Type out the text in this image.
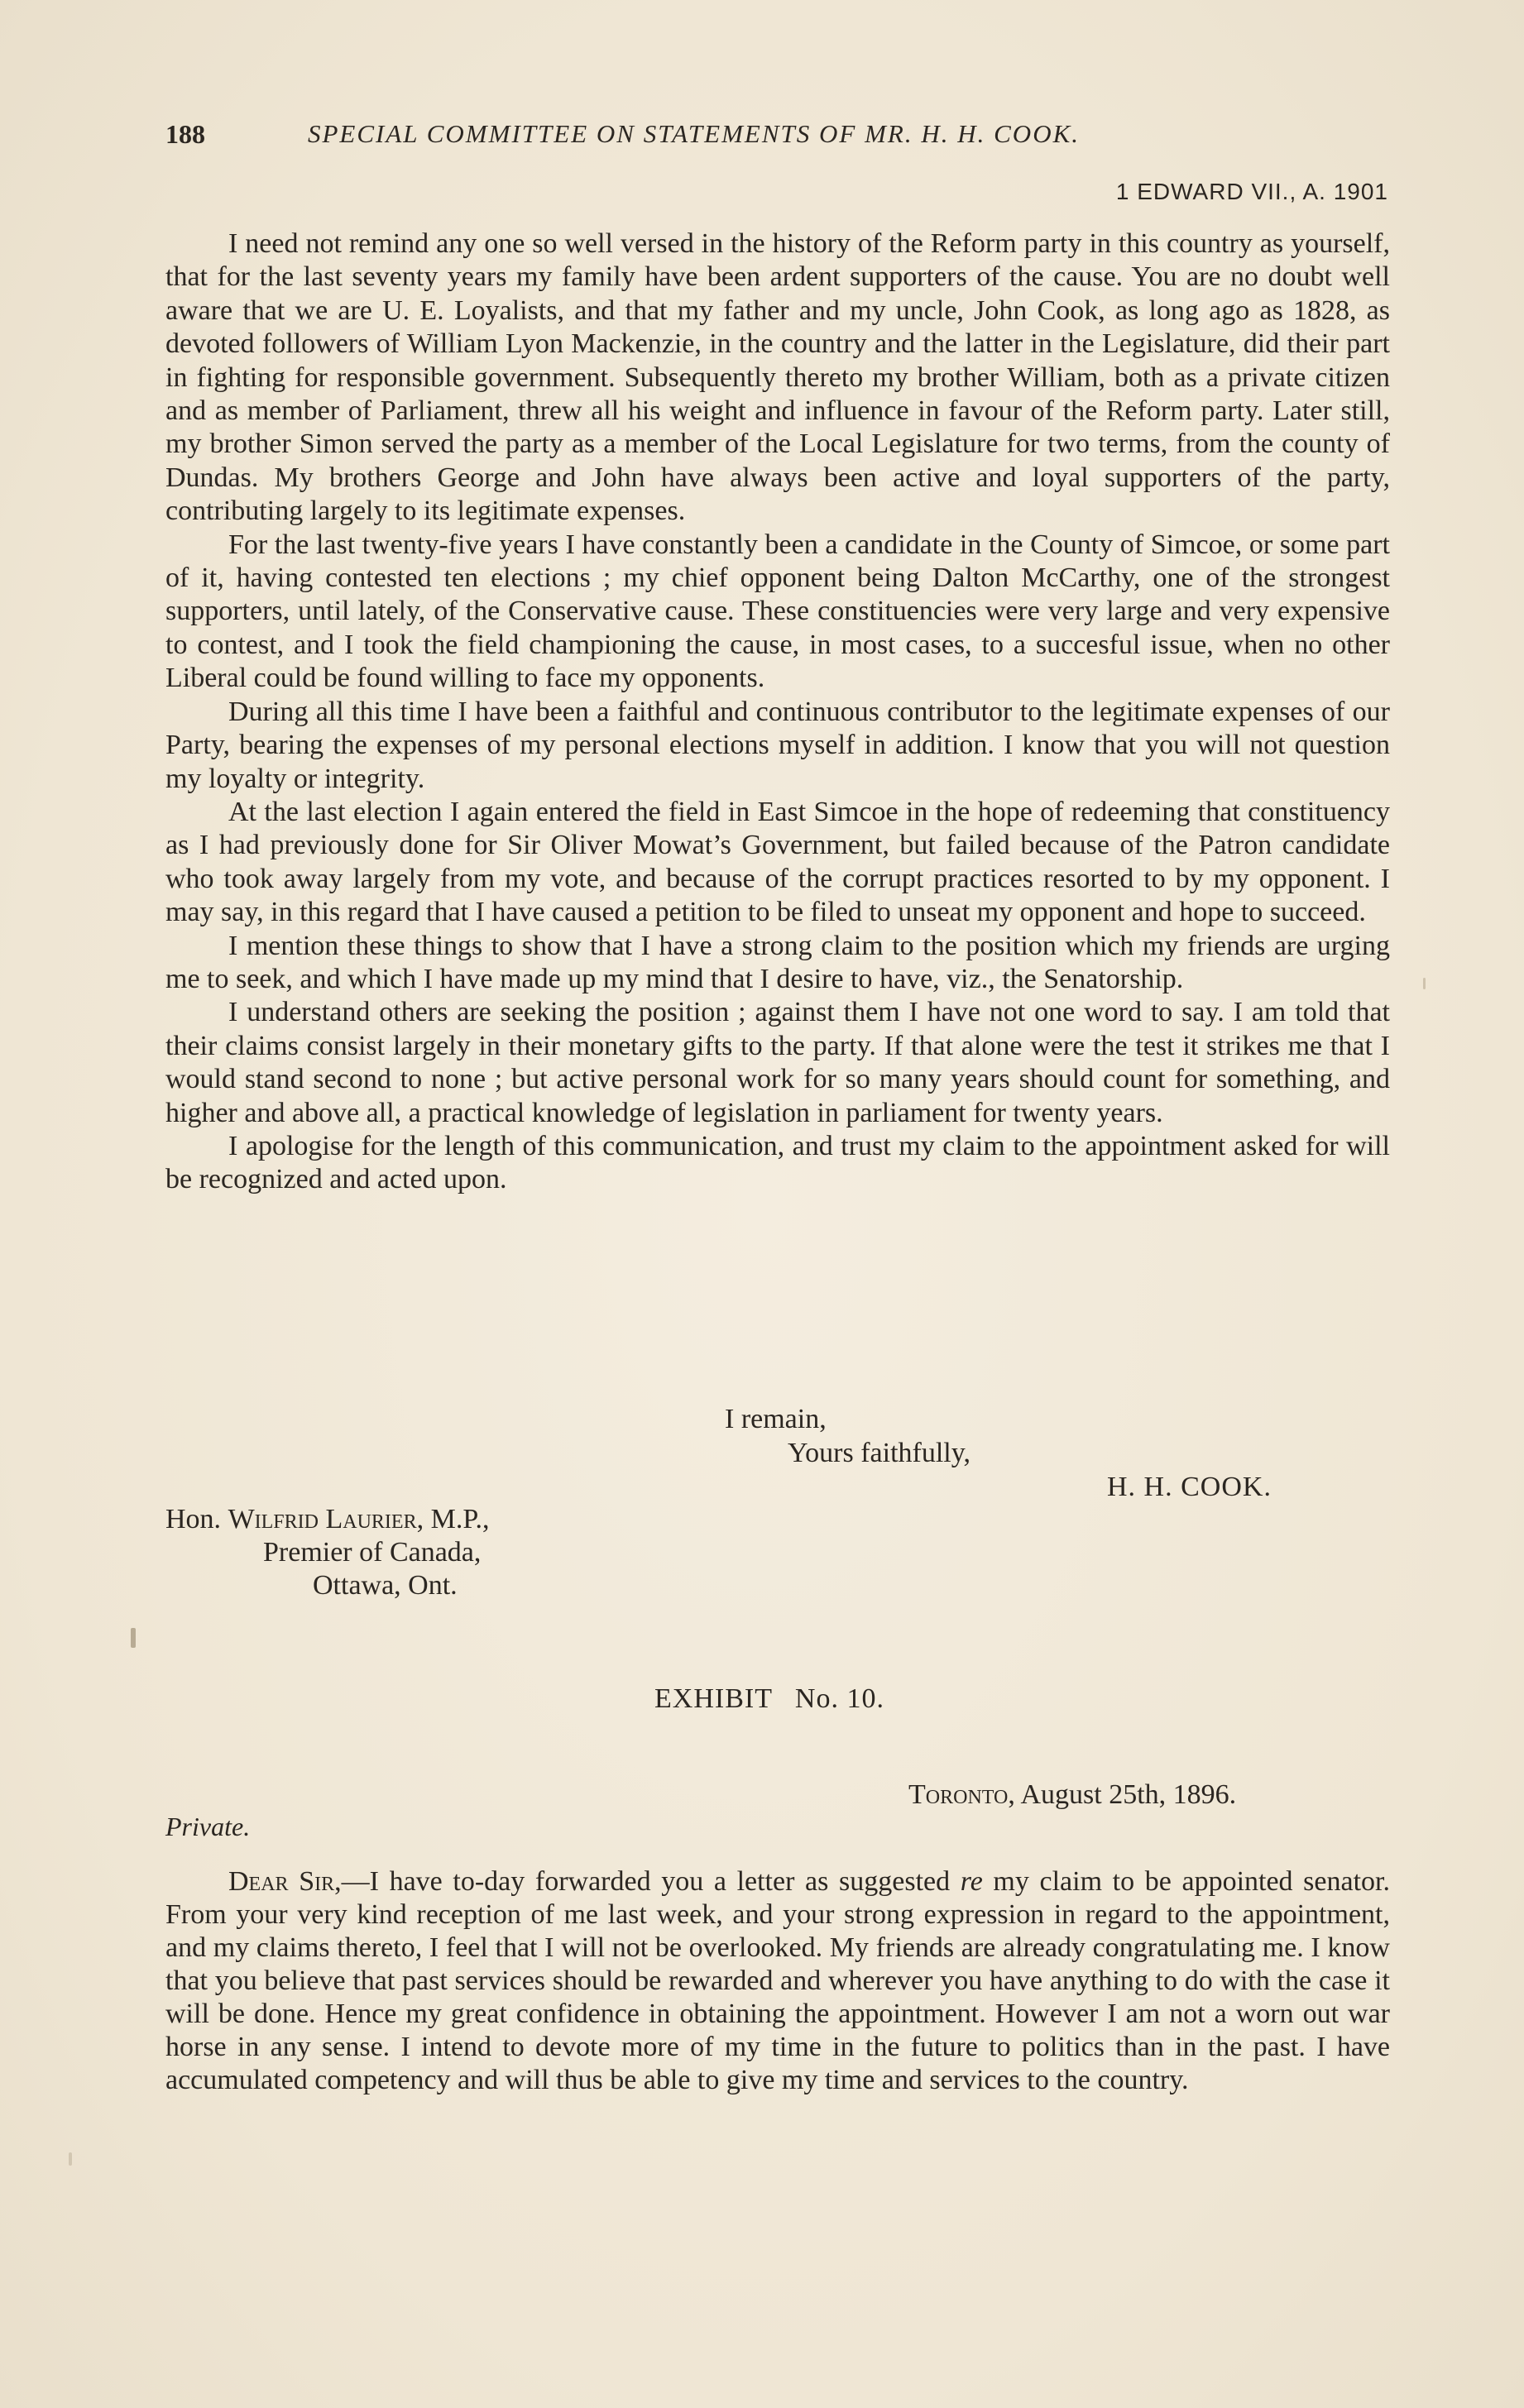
188	SPECIAL COMMITTEE ON STATEMENTS OF MR. H. H. COOK.
1 EDWARD VII., A. 1901

I need not remind any one so well versed in the history of the Reform party in this country as yourself, that for the last seventy years my family have been ardent supporters of the cause. You are no doubt well aware that we are U. E. Loyalists, and that my father and my uncle, John Cook, as long ago as 1828, as devoted followers of William Lyon Mackenzie, in the country and the latter in the Legislature, did their part in fighting for responsible government. Subsequently thereto my brother William, both as a private citizen and as member of Parliament, threw all his weight and influence in favour of the Reform party. Later still, my brother Simon served the party as a member of the Local Legislature for two terms, from the county of Dundas. My brothers George and John have always been active and loyal supporters of the party, contributing largely to its legitimate expenses.

For the last twenty-five years I have constantly been a candidate in the County of Simcoe, or some part of it, having contested ten elections ; my chief opponent being Dalton McCarthy, one of the strongest supporters, until lately, of the Conservative cause. These constituencies were very large and very expensive to contest, and I took the field championing the cause, in most cases, to a succesful issue, when no other Liberal could be found willing to face my opponents.

During all this time I have been a faithful and continuous contributor to the legitimate expenses of our Party, bearing the expenses of my personal elections myself in addition. I know that you will not question my loyalty or integrity.

At the last election I again entered the field in East Simcoe in the hope of redeeming that constituency as I had previously done for Sir Oliver Mowat’s Government, but failed because of the Patron candidate who took away largely from my vote, and because of the corrupt practices resorted to by my opponent. I may say, in this regard that I have caused a petition to be filed to unseat my opponent and hope to succeed.

I mention these things to show that I have a strong claim to the position which my friends are urging me to seek, and which I have made up my mind that I desire to have, viz., the Senatorship.

I understand others are seeking the position ; against them I have not one word to say. I am told that their claims consist largely in their monetary gifts to the party. If that alone were the test it strikes me that I would stand second to none ; but active personal work for so many years should count for something, and higher and above all, a practical knowledge of legislation in parliament for twenty years.

I apologise for the length of this communication, and trust my claim to the appointment asked for will be recognized and acted upon.

I remain,
Yours faithfully,
H. H. COOK.
Hon. Wilfrid Laurier, M.P.,
Premier of Canada,
Ottawa, Ont.
EXHIBIT No. 10.
Toronto, August 25th, 1896.
Private.

Dear Sir,—I have to-day forwarded you a letter as suggested re my claim to be appointed senator. From your very kind reception of me last week, and your strong expression in regard to the appointment, and my claims thereto, I feel that I will not be overlooked. My friends are already congratulating me. I know that you believe that past services should be rewarded and wherever you have anything to do with the case it will be done. Hence my great confidence in obtaining the appointment. However I am not a worn out war horse in any sense. I intend to devote more of my time in the future to politics than in the past. I have accumulated competency and will thus be able to give my time and services to the country.
